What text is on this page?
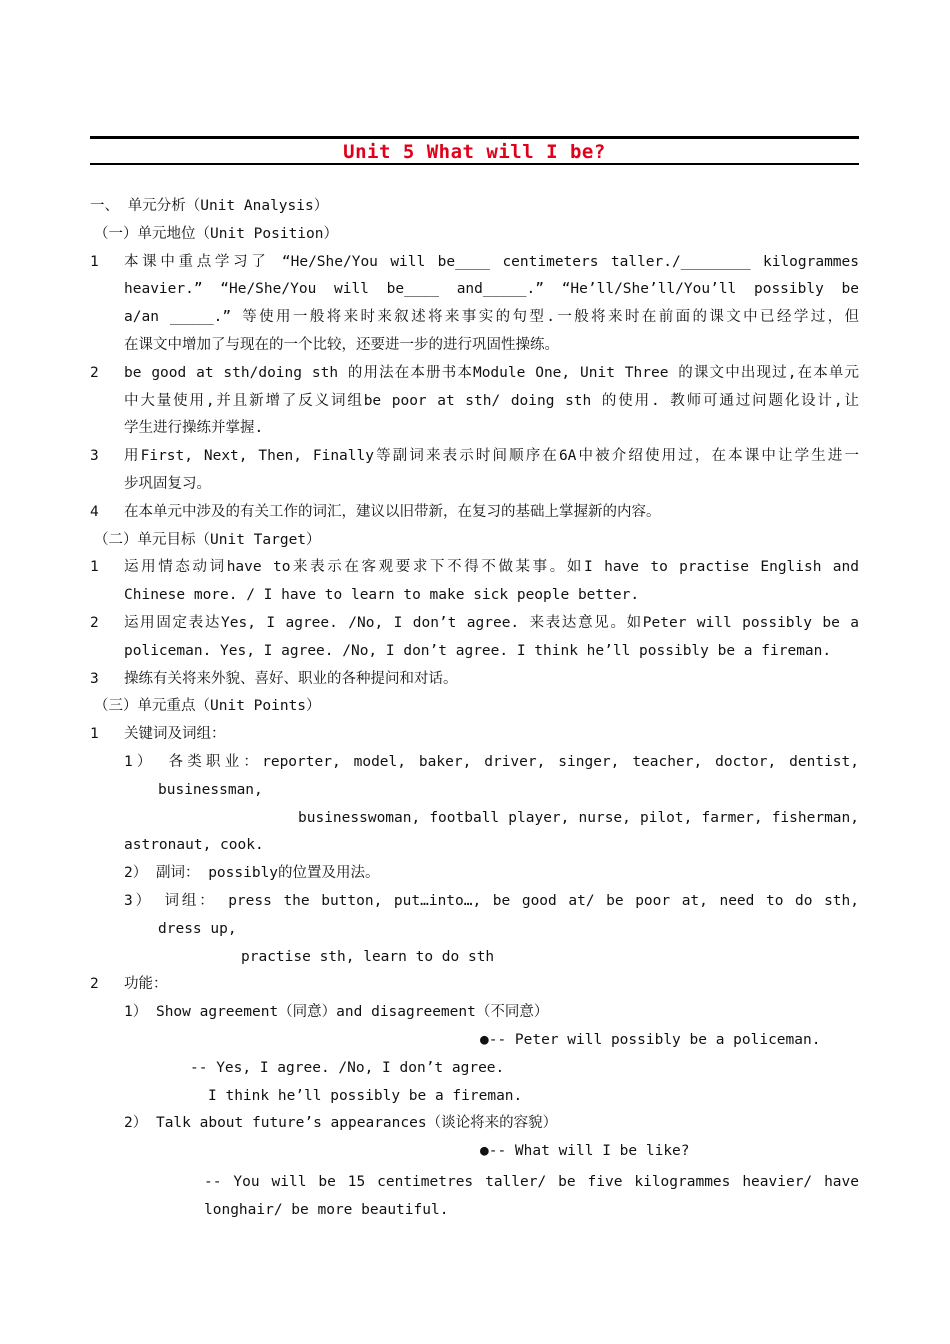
Unit 5 What will I be?
一、 单元分析（Unit Analysis）
（一）单元地位（Unit Position）
1	本课中重点学习了 “He/She/You will be____ centimeters taller./________ kilogrammes
heavier.” “He/She/You will be____ and_____.” “He’ll/She’ll/You’ll possibly be
a/an _____.” 等使用一般将来时来叙述将来事实的句型.一般将来时在前面的课文中已经学过，但
在课文中增加了与现在的一个比较，还要进一步的进行巩固性操练。
2	be good at sth/doing sth 的用法在本册书本Module One, Unit Three 的课文中出现过,在本单元
中大量使用,并且新增了反义词组be poor at sth/ doing sth 的使用. 教师可通过问题化设计,让
学生进行操练并掌握.
3	用First, Next, Then, Finally等副词来表示时间顺序在6A中被介绍使用过，在本课中让学生进一
步巩固复习。
4	在本单元中涉及的有关工作的词汇，建议以旧带新，在复习的基础上掌握新的内容。
（二）单元目标（Unit Target）
1	运用情态动词have to来表示在客观要求下不得不做某事。如I have to practise English and
Chinese more. / I have to learn to make sick people better.
2	运用固定表达Yes, I agree. /No, I don’t agree. 来表达意见。如Peter will possibly be a
policeman. Yes, I agree. /No, I don’t agree. I think he’ll possibly be a fireman.
3	操练有关将来外貌、喜好、职业的各种提问和对话。
（三）单元重点（Unit Points）
1	关键词及词组：
1） 各类职业：reporter, model, baker, driver, singer, teacher, doctor, dentist,
businessman,
businesswoman, football player, nurse, pilot, farmer, fisherman,
astronaut, cook.
2） 副词： possibly的位置及用法。
3） 词组： press the button, put…into…, be good at/ be poor at, need to do sth,
dress up,
practise sth, learn to do sth
2	功能：
1） Show agreement（同意）and disagreement（不同意）
●-- Peter will possibly be a policeman.
-- Yes, I agree. /No, I don’t agree.
I think he’ll possibly be a fireman.
2） Talk about future’s appearances（谈论将来的容貌）
●-- What will I be like?
-- You will be 15 centimetres taller/ be five kilogrammes heavier/ have
longhair/ be more beautiful.
